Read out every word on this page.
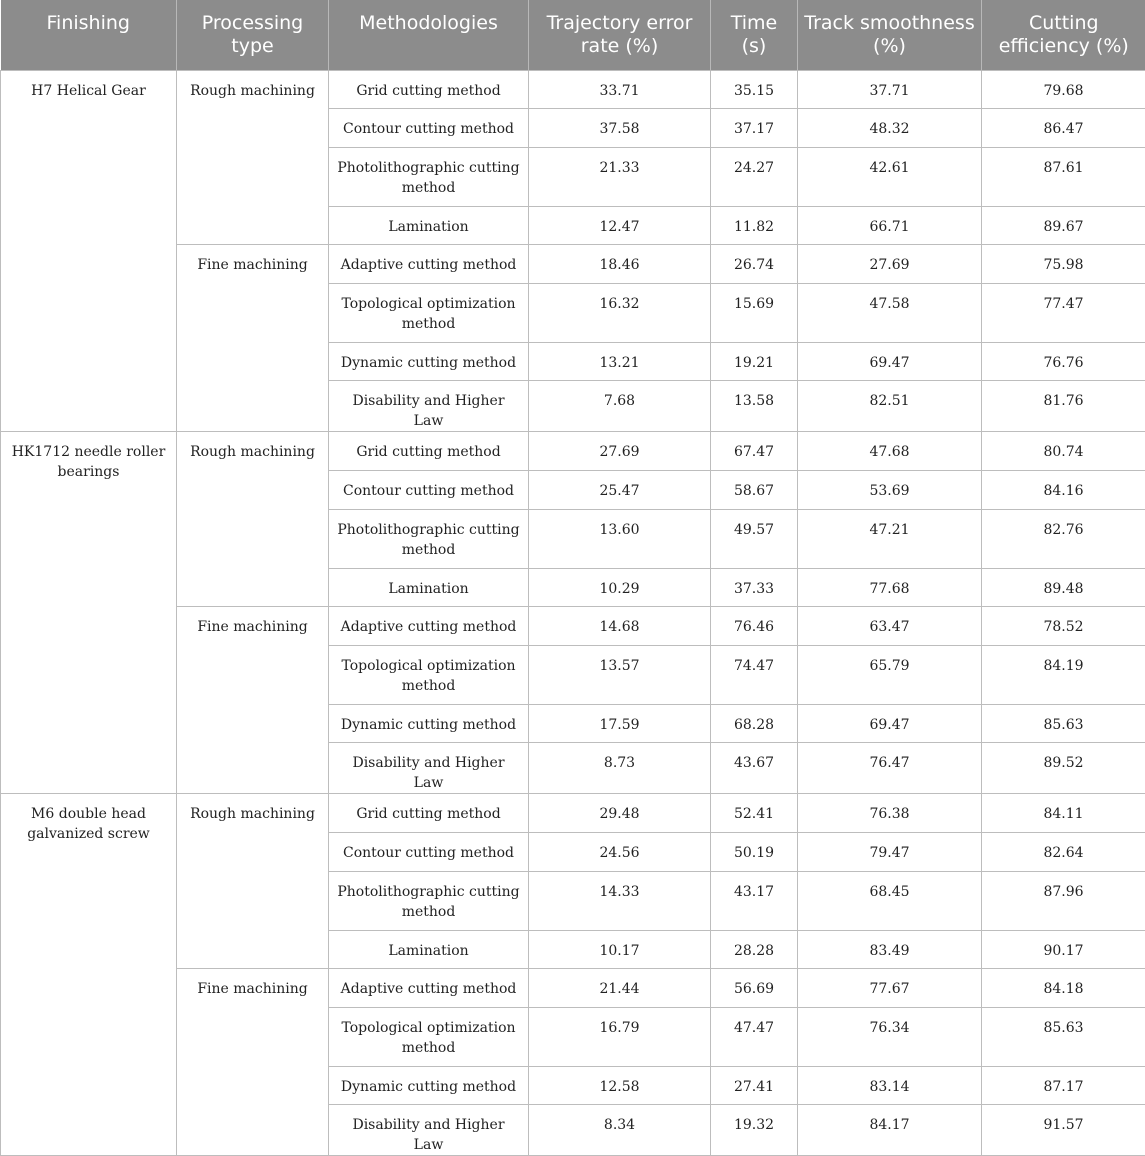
Finishing	Processing type	Methodologies	Trajectory error rate (%)	Time (s)	Track smoothness (%)	Cutting efficiency (%)
H7 Helical Gear	Rough machining	Grid cutting method	33.71	35.15	37.71	79.68
		Contour cutting method	37.58	37.17	48.32	86.47
		Photolithographic cutting method	21.33	24.27	42.61	87.61
		Lamination	12.47	11.82	66.71	89.67
	Fine machining	Adaptive cutting method	18.46	26.74	27.69	75.98
		Topological optimization method	16.32	15.69	47.58	77.47
		Dynamic cutting method	13.21	19.21	69.47	76.76
		Disability and Higher Law	7.68	13.58	82.51	81.76
HK1712 needle roller bearings	Rough machining	Grid cutting method	27.69	67.47	47.68	80.74
		Contour cutting method	25.47	58.67	53.69	84.16
		Photolithographic cutting method	13.60	49.57	47.21	82.76
		Lamination	10.29	37.33	77.68	89.48
	Fine machining	Adaptive cutting method	14.68	76.46	63.47	78.52
		Topological optimization method	13.57	74.47	65.79	84.19
		Dynamic cutting method	17.59	68.28	69.47	85.63
		Disability and Higher Law	8.73	43.67	76.47	89.52
M6 double head galvanized screw	Rough machining	Grid cutting method	29.48	52.41	76.38	84.11
		Contour cutting method	24.56	50.19	79.47	82.64
		Photolithographic cutting method	14.33	43.17	68.45	87.96
		Lamination	10.17	28.28	83.49	90.17
	Fine machining	Adaptive cutting method	21.44	56.69	77.67	84.18
		Topological optimization method	16.79	47.47	76.34	85.63
		Dynamic cutting method	12.58	27.41	83.14	87.17
		Disability and Higher Law	8.34	19.32	84.17	91.57
